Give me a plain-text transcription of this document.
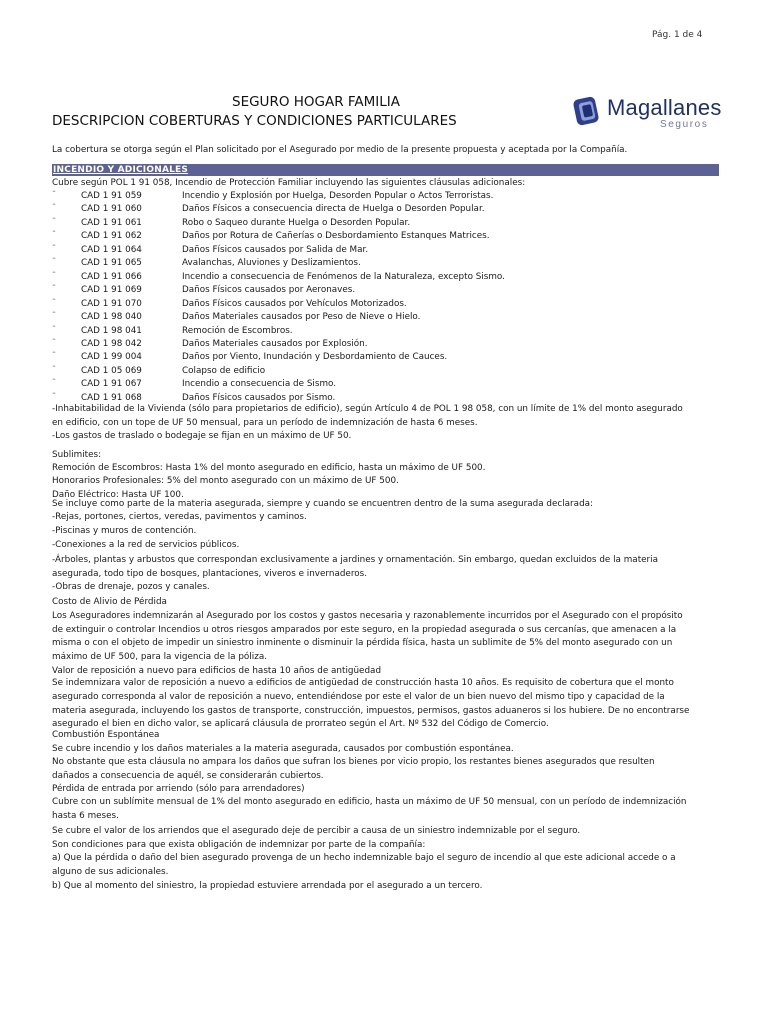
Pág. 1 de 4
Magallanes
Seguros
SEGURO HOGAR FAMILIA
DESCRIPCION COBERTURAS Y CONDICIONES PARTICULARES
La cobertura se otorga según el Plan solicitado por el Asegurado por medio de la presente propuesta y aceptada por la Compañía.
INCENDIO Y ADICIONALES
Cubre según POL 1 91 058, Incendio de Protección Familiar incluyendo las siguientes cláusulas adicionales:
¨	CAD 1 91 059	Incendio y Explosión por Huelga, Desorden Popular o Actos Terroristas.
¨	CAD 1 91 060	Daños Físicos a consecuencia directa de Huelga o Desorden Popular.
¨	CAD 1 91 061	Robo o Saqueo durante Huelga o Desorden Popular.
¨	CAD 1 91 062	Daños por Rotura de Cañerías o Desbordamiento Estanques Matrices.
¨	CAD 1 91 064	Daños Físicos causados por Salida de Mar.
¨	CAD 1 91 065	Avalanchas, Aluviones y Deslizamientos.
¨	CAD 1 91 066	Incendio a consecuencia de Fenómenos de la Naturaleza, excepto Sismo.
¨	CAD 1 91 069	Daños Físicos causados por Aeronaves.
¨	CAD 1 91 070	Daños Físicos causados por Vehículos Motorizados.
¨	CAD 1 98 040	Daños Materiales causados por Peso de Nieve o Hielo.
¨	CAD 1 98 041	Remoción de Escombros.
¨	CAD 1 98 042	Daños Materiales causados por Explosión.
¨	CAD 1 99 004	Daños por Viento, Inundación y Desbordamiento de Cauces.
¨	CAD 1 05 069	Colapso de edificio
¨	CAD 1 91 067	Incendio a consecuencia de Sismo.
¨	CAD 1 91 068	Daños Físicos causados por Sismo.
-Inhabitabilidad de la Vivienda (sólo para propietarios de edificio), según Artículo 4 de POL 1 98 058, con un límite de 1% del monto asegurado
en edificio, con un tope de UF 50 mensual, para un período de indemnización de hasta 6 meses.
-Los gastos de traslado o bodegaje se fijan en un máximo de UF 50.
Sublimites:
Remoción de Escombros: Hasta 1% del monto asegurado en edificio, hasta un máximo de UF 500.
Honorarios Profesionales: 5% del monto asegurado con un máximo de UF 500.
Daño Eléctrico: Hasta UF 100.
Se incluye como parte de la materia asegurada, siempre y cuando se encuentren dentro de la suma asegurada declarada:
-Rejas, portones, ciertos, veredas, pavimentos y caminos.
-Piscinas y muros de contención.
-Conexiones a la red de servicios públicos.
-Árboles, plantas y arbustos que correspondan exclusivamente a jardines y ornamentación. Sin embargo, quedan excluidos de la materia
asegurada, todo tipo de bosques, plantaciones, viveros e invernaderos.
-Obras de drenaje, pozos y canales.
Costo de Alivio de Pérdida
Los Aseguradores indemnizarán al Asegurado por los costos y gastos necesaria y razonablemente incurridos por el Asegurado con el propósito
de extinguir o controlar Incendios u otros riesgos amparados por este seguro, en la propiedad asegurada o sus cercanías, que amenacen a la
misma o con el objeto de impedir un siniestro inminente o disminuir la pérdida física, hasta un sublimite de 5% del monto asegurado con un
máximo de UF 500, para la vigencia de la póliza.
Valor de reposición a nuevo para edificios de hasta 10 años de antigüedad
Se indemnizara valor de reposición a nuevo a edificios de antigüedad de construcción hasta 10 años. Es requisito de cobertura que el monto
asegurado corresponda al valor de reposición a nuevo, entendiéndose por este el valor de un bien nuevo del mismo tipo y capacidad de la
materia asegurada, incluyendo los gastos de transporte, construcción, impuestos, permisos, gastos aduaneros si los hubiere. De no encontrarse
asegurado el bien en dicho valor, se aplicará cláusula de prorrateo según el Art. Nº 532 del Código de Comercio.
Combustión Espontánea
Se cubre incendio y los daños materiales a la materia asegurada, causados por combustión espontánea.
No obstante que esta cláusula no ampara los daños que sufran los bienes por vicio propio, los restantes bienes asegurados que resulten
dañados a consecuencia de aquél, se considerarán cubiertos.
Pérdida de entrada por arriendo (sólo para arrendadores)
Cubre con un sublímite mensual de 1% del monto asegurado en edificio, hasta un máximo de UF 50 mensual, con un período de indemnización
hasta 6 meses.
Se cubre el valor de los arriendos que el asegurado deje de percibir a causa de un siniestro indemnizable por el seguro.
Son condiciones para que exista obligación de indemnizar por parte de la compañía:
a) Que la pérdida o daño del bien asegurado provenga de un hecho indemnizable bajo el seguro de incendio al que este adicional accede o a
alguno de sus adicionales.
b) Que al momento del siniestro, la propiedad estuviere arrendada por el asegurado a un tercero.
